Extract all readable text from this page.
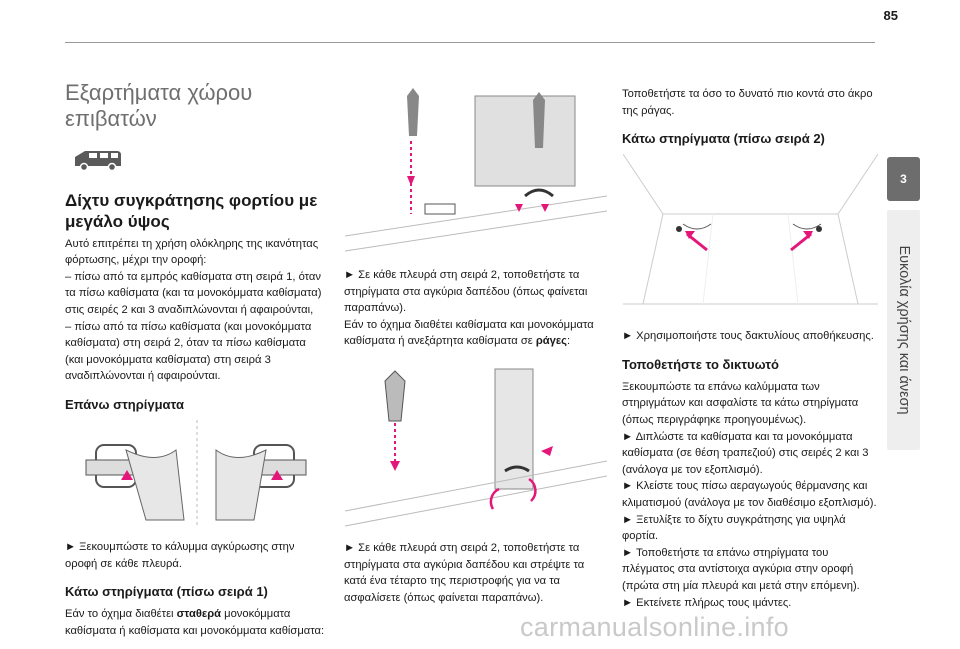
85
Εξαρτήματα χώρου επιβατών
Δίχτυ συγκράτησης φορτίου με μεγάλο ύψος

Αυτό επιτρέπει τη χρήση ολόκληρης της ικανότητας φόρτωσης, μέχρι την οροφή:

– πίσω από τα εμπρός καθίσματα στη σειρά 1, όταν τα πίσω καθίσματα (και τα μονοκόμματα καθίσματα) στις σειρές 2 και 3 αναδιπλώνονται ή αφαιρούνται,

– πίσω από τα πίσω καθίσματα (και μονοκόμματα καθίσματα) στη σειρά 2, όταν τα πίσω καθίσματα (και μονοκόμματα καθίσματα) στη σειρά 3 αναδιπλώνονται ή αφαιρούνται.

Επάνω στηρίγματα

► Ξεκουμπώστε το κάλυμμα αγκύρωσης στην οροφή σε κάθε πλευρά.

Κάτω στηρίγματα (πίσω σειρά 1)

Εάν το όχημα διαθέτει σταθερά μονοκόμματα καθίσματα ή καθίσματα και μονοκόμματα καθίσματα:

► Σε κάθε πλευρά στη σειρά 2, τοποθετήστε τα στηρίγματα στα αγκύρια δαπέδου (όπως φαίνεται παραπάνω).

Εάν το όχημα διαθέτει καθίσματα και μονοκόμματα καθίσματα ή ανεξάρτητα καθίσματα σε ράγες:

► Σε κάθε πλευρά στη σειρά 2, τοποθετήστε τα στηρίγματα στα αγκύρια δαπέδου και στρέψτε τα κατά ένα τέταρτο της περιστροφής για να τα ασφαλίσετε (όπως φαίνεται παραπάνω).

Τοποθετήστε τα όσο το δυνατό πιο κοντά στο άκρο της ράγας.

Κάτω στηρίγματα (πίσω σειρά 2)

► Χρησιμοποιήστε τους δακτυλίους αποθήκευσης.

Τοποθετήστε το δικτυωτό

Ξεκουμπώστε τα επάνω καλύμματα των στηριγμάτων και ασφαλίστε τα κάτω στηρίγματα (όπως περιγράφηκε προηγουμένως).

► Διπλώστε τα καθίσματα και τα μονοκόμματα καθίσματα (σε θέση τραπεζιού) στις σειρές 2 και 3 (ανάλογα με τον εξοπλισμό).

► Κλείστε τους πίσω αεραγωγούς θέρμανσης και κλιματισμού (ανάλογα με τον διαθέσιμο εξοπλισμό).

► Ξετυλίξτε το δίχτυ συγκράτησης για υψηλά φορτία.

► Τοποθετήστε τα επάνω στηρίγματα του πλέγματος στα αντίστοιχα αγκύρια στην οροφή (πρώτα στη μία πλευρά και μετά στην επόμενη).

► Εκτείνετε πλήρως τους ιμάντες.

3
Ευκολία χρήσης και άνεση
carmanualsonline.info
